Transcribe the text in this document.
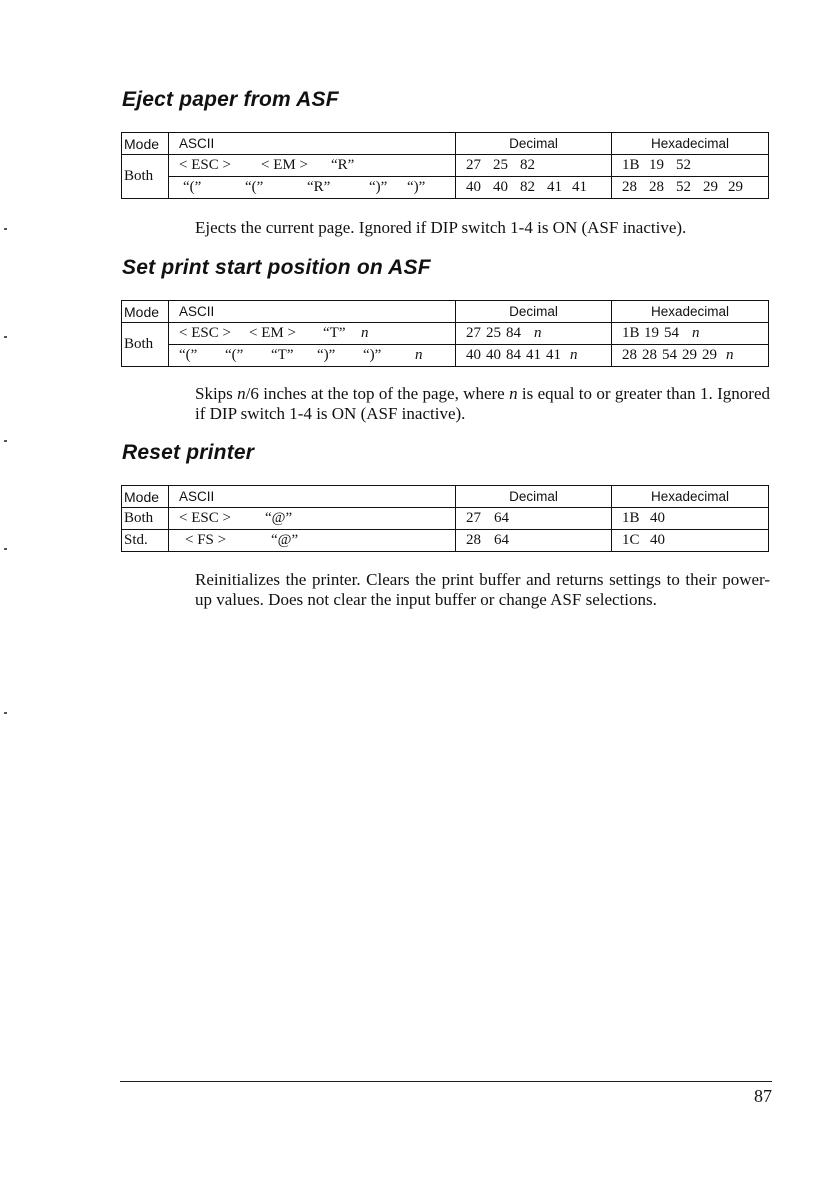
Eject paper from ASF
Mode	ASCII	Decimal	Hexadecimal
Both	< ESC > < EM > “R”	27 25 82	1B 19 52
	“(” “(” “R” “)” “)”	40 40 82 41 41	28 28 52 29 29

Ejects the current page. Ignored if DIP switch 1-4 is ON (ASF inactive).

Set print start position on ASF
Mode	ASCII	Decimal	Hexadecimal
Both	< ESC > < EM > “T” n	27 25 84 n	1B 19 54 n
	“(” “(” “T” “)” “)” n	40 40 84 41 41 n	28 28 54 29 29 n

Skips n/6 inches at the top of the page, where n is equal to or greater than 1. Ignored if DIP switch 1-4 is ON (ASF inactive).

Reset printer
Mode	ASCII	Decimal	Hexadecimal
Both	< ESC > “@”	27 64	1B 40
Std.	< FS > “@”	28 64	1C 40

Reinitializes the printer. Clears the print buffer and returns settings to their power-up values. Does not clear the input buffer or change ASF selections.

87
